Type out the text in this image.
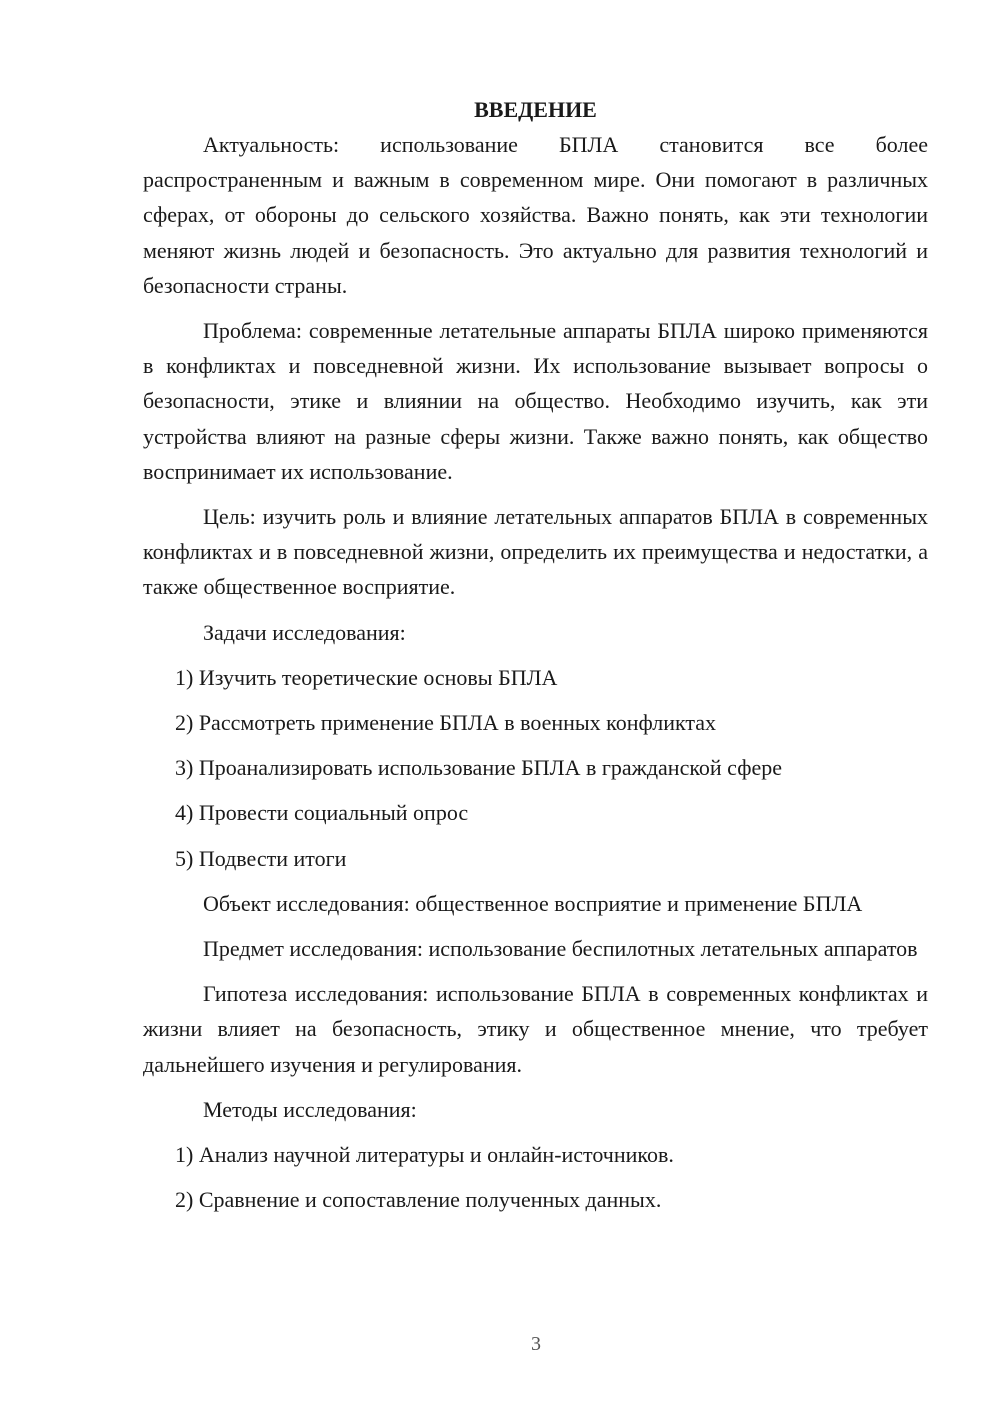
ВВЕДЕНИЕ

Актуальность: использование БПЛА становится все более распространенным и важным в современном мире. Они помогают в различных сферах, от обороны до сельского хозяйства. Важно понять, как эти технологии меняют жизнь людей и безопасность. Это актуально для развития технологий и безопасности страны.

Проблема: современные летательные аппараты БПЛА широко применяются в конфликтах и повседневной жизни. Их использование вызывает вопросы о безопасности, этике и влиянии на общество. Необходимо изучить, как эти устройства влияют на разные сферы жизни. Также важно понять, как общество воспринимает их использование.

Цель: изучить роль и влияние летательных аппаратов БПЛА в современных конфликтах и в повседневной жизни, определить их преимущества и недостатки, а также общественное восприятие.

Задачи исследования:

1) Изучить теоретические основы БПЛА

2) Рассмотреть применение БПЛА в военных конфликтах

3) Проанализировать использование БПЛА в гражданской сфере

4) Провести социальный опрос

5) Подвести итоги

Объект исследования: общественное восприятие и применение БПЛА

Предмет исследования: использование беспилотных летательных аппаратов

Гипотеза исследования: использование БПЛА в современных конфликтах и жизни влияет на безопасность, этику и общественное мнение, что требует дальнейшего изучения и регулирования.

Методы исследования:

1) Анализ научной литературы и онлайн-источников.

2) Сравнение и сопоставление полученных данных.

3
